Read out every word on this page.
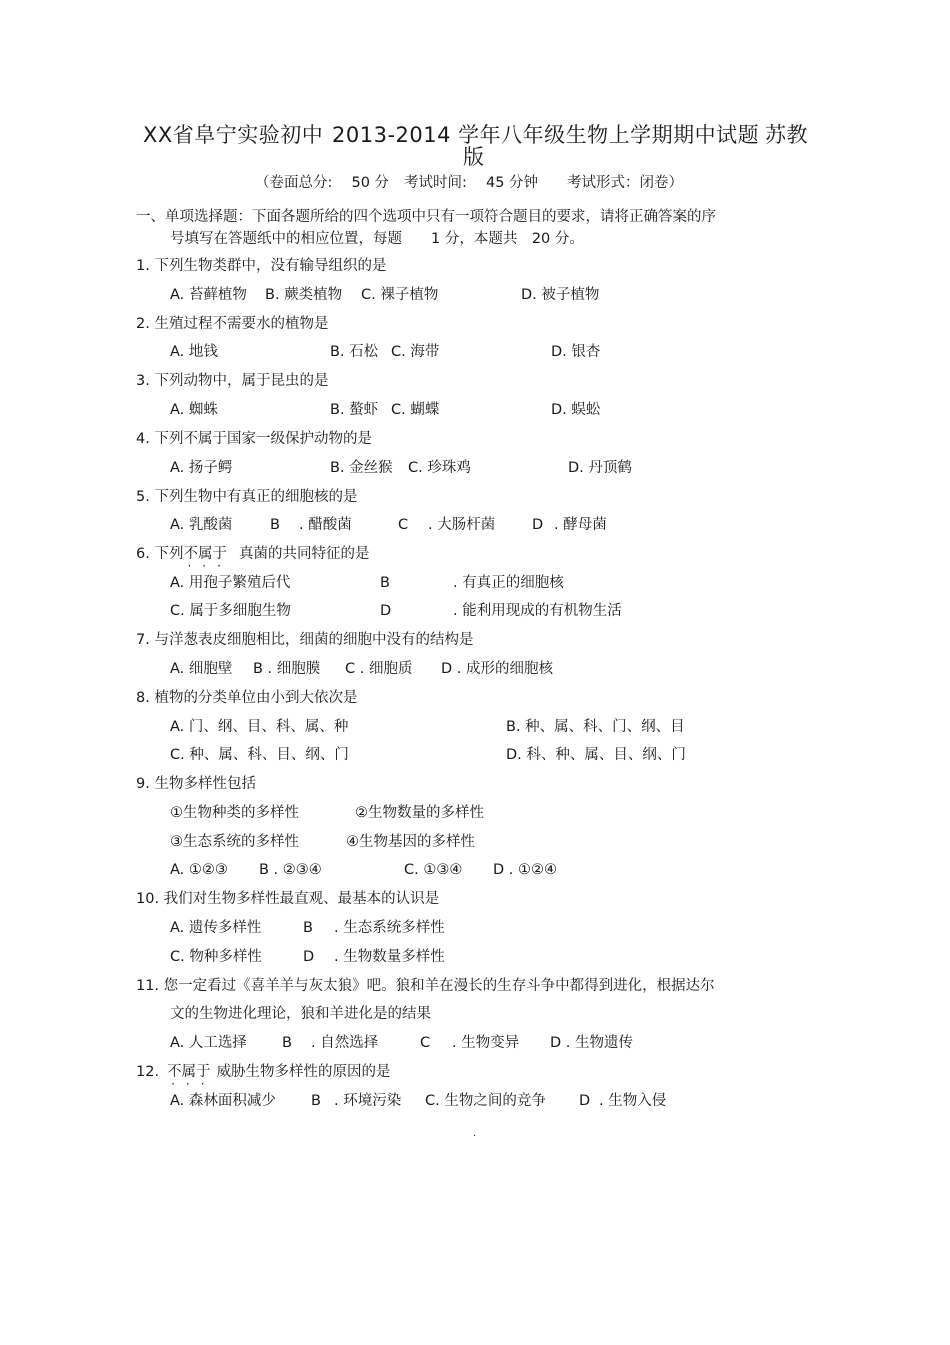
XX省阜宁实验初中 2013-2014 学年八年级生物上学期期中试题 苏教
版
（卷面总分:　 50 分 考试时间:　 45 分钟 考试形式：闭卷）
一、单项选择题：下面各题所给的四个选项中只有一项符合题目的要求，请将正确答案的序
号填写在答题纸中的相应位置，每题　　1 分，本题共　20 分。
1. 下列生物类群中，没有输导组织的是
A. 苔藓植物 B. 蕨类植物 C. 裸子植物	D. 被子植物
2. 生殖过程不需要水的植物是
A. 地钱	B. 石松 C. 海带	D. 银杏
3. 下列动物中，属于昆虫的是
A. 蜘蛛	B. 螯虾 C. 蝴蝶	D. 蜈蚣
4. 下列不属于国家一级保护动物的是
A. 扬子鳄	B. 金丝猴 C. 珍珠鸡	D. 丹顶鹤
5. 下列生物中有真正的细胞核的是
A. 乳酸菌	B . 醋酸菌	C . 大肠杆菌	D . 酵母菌
6. 下列不属于
···
真菌的共同特征的是
A. 用孢子繁殖后代	B	. 有真正的细胞核
C. 属于多细胞生物	D	. 能利用现成的有机物生活
7. 与洋葱表皮细胞相比，细菌的细胞中没有的结构是
A. 细胞壁 B . 细胞膜 C . 细胞质 D . 成形的细胞核
8. 植物的分类单位由小到大依次是
A. 门、纲、目、科、属、种	B. 种、属、科、门、纲、目
C. 种、属、科、目、纲、门	D. 科、种、属、目、纲、门
9. 生物多样性包括
①生物种类的多样性	②生物数量的多样性
③生态系统的多样性	④生物基因的多样性
A. ①②③ B . ②③④	C. ①③④ D . ①②④
10. 我们对生物多样性最直观、最基本的认识是
A. 遗传多样性	B . 生态系统多样性
C. 物种多样性	D . 生物数量多样性
11. 您一定看过《喜羊羊与灰太狼》吧。狼和羊在漫长的生存斗争中都得到进化，根据达尔
文的生物进化理论，狼和羊进化是的结果
A. 人工选择 B . 自然选择	C . 生物变异 D . 生物遗传
12. 不属于
···
威胁生物多样性的原因的是
A. 森林面积减少 B . 环境污染 C. 生物之间的竞争 D . 生物入侵
.
